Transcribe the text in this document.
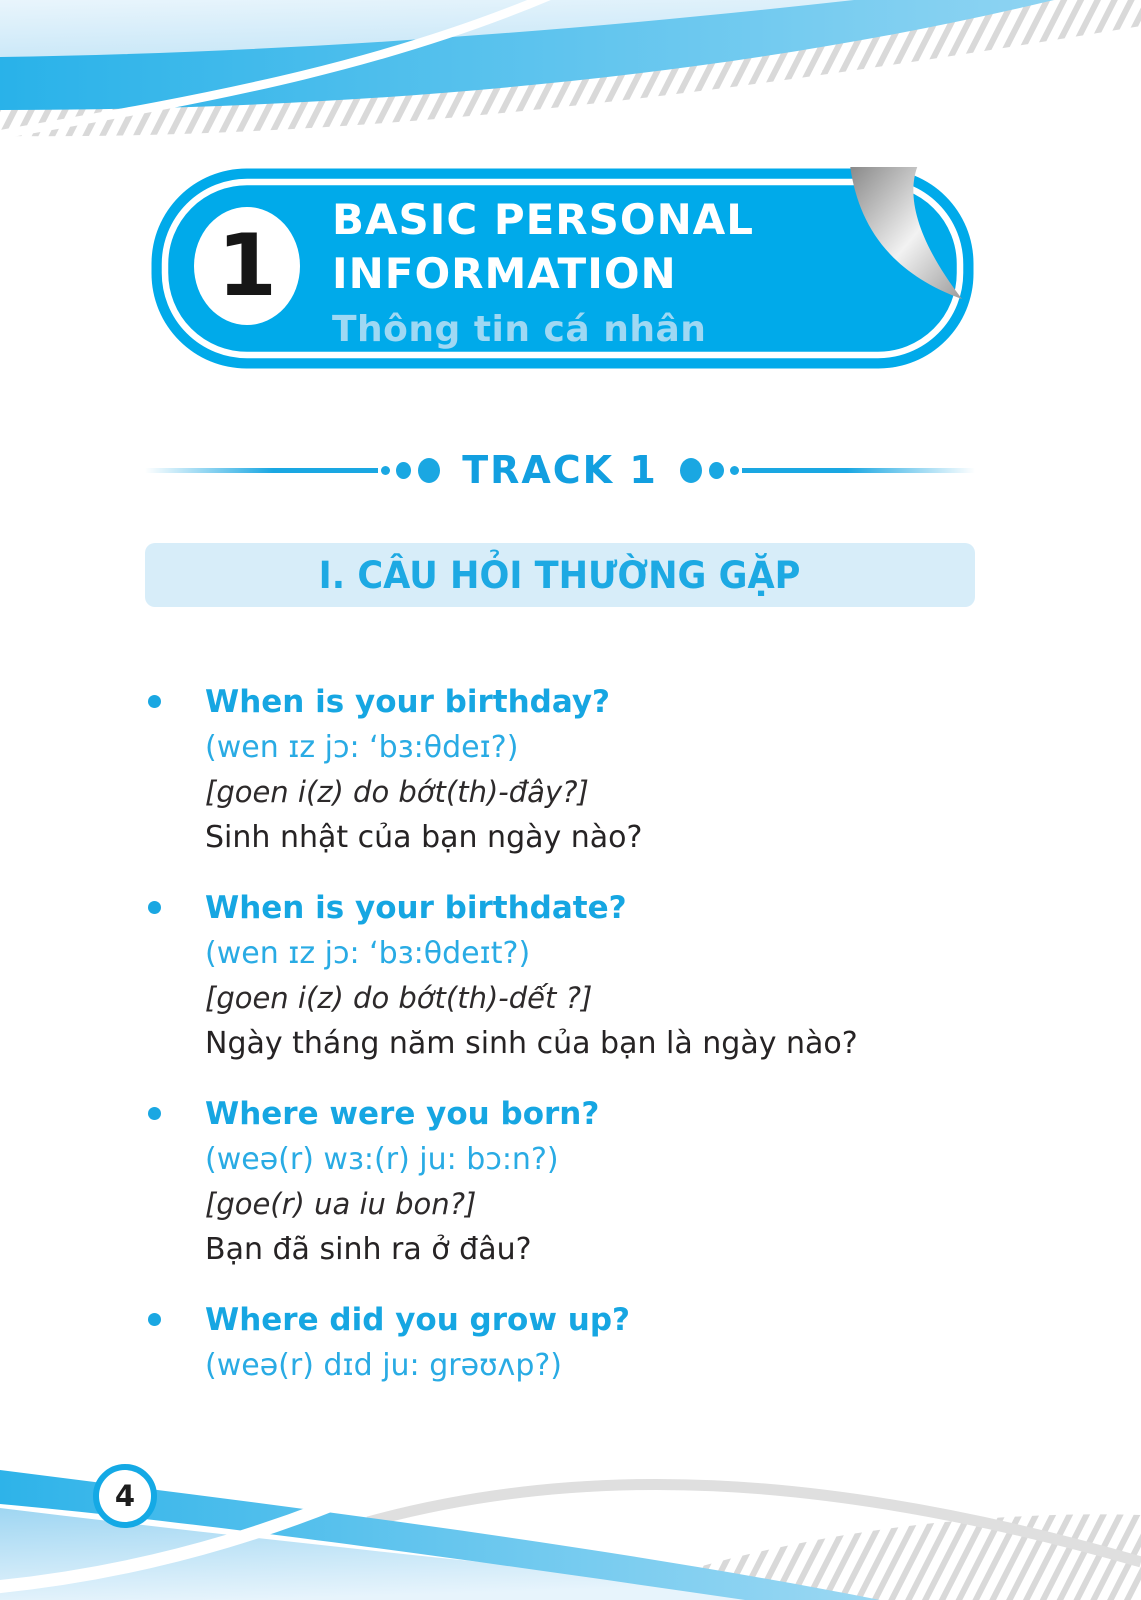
1 BASIC PERSONAL
INFORMATION
Thông tin cá nhân
TRACK 1
I. CÂU HỎI THƯỜNG GẶP
When is your birthday?
(wen ɪz jɔ: ‘bɜ:θdeɪ?)
[goen i(z) do bớt(th)-đây?]
Sinh nhật của bạn ngày nào?
When is your birthdate?
(wen ɪz jɔ: ‘bɜ:θdeɪt?)
[goen i(z) do bớt(th)-dết ?]
Ngày tháng năm sinh của bạn là ngày nào?
Where were you born?
(weə(r) wɜ:(r) ju: bɔ:n?)
[goe(r) ua iu bon?]
Bạn đã sinh ra ở đâu?
Where did you grow up?
(weə(r) dɪd ju: grəʊʌp?)
4
